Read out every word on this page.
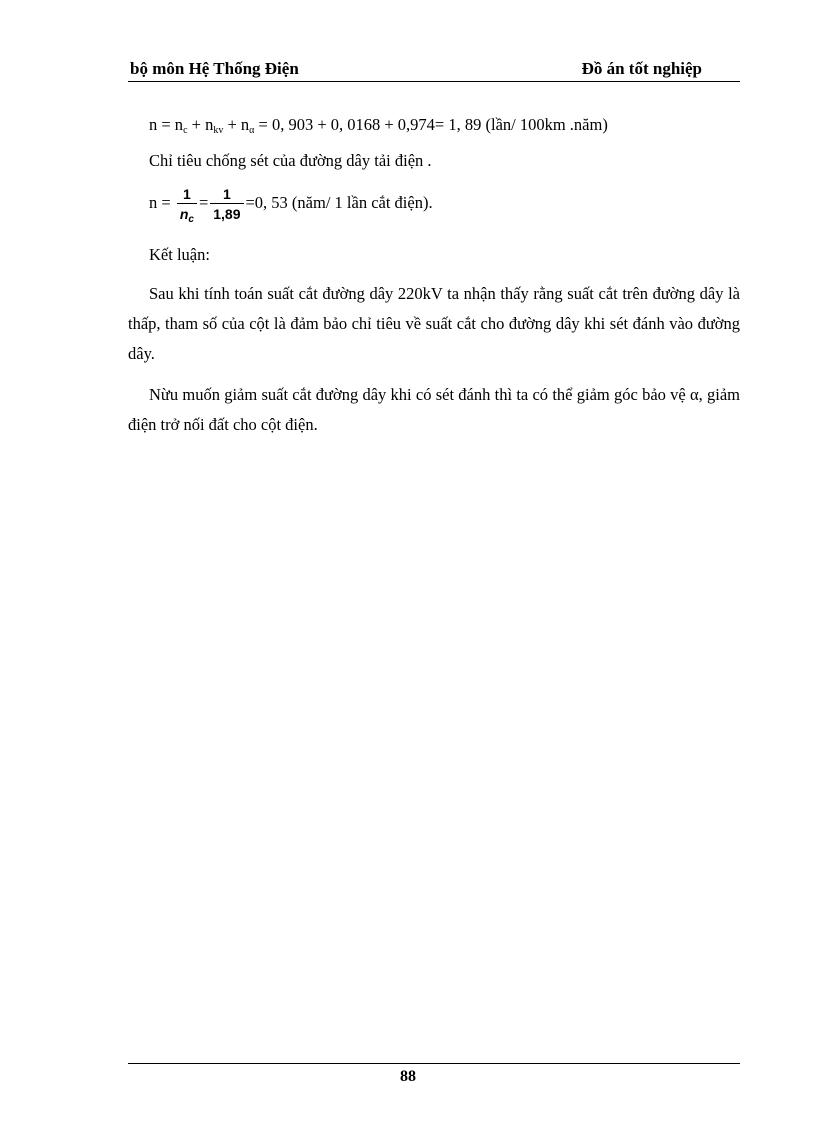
bộ môn Hệ Thống Điện	Đồ án tốt nghiệp
$n = n_c + n_{kv} + n_\alpha = 0$, 903 + 0, 0168 + 0,974= 1, 89 (lần/ 100km .năm)
Chỉ tiêu chống sét của đường dây tải điện .
$n = \frac{1}{n_c} = \frac{1}{1,89} =0$, 53 (năm/ 1 lần cắt điện).
Kết luận:
Sau khi tính toán suất cắt đường dây 220kV ta nhận thấy rằng suất cắt trên đường dây là thấp, tham số của cột là đảm bảo chỉ tiêu về suất cắt cho đường dây khi sét đánh vào đường dây.
Nừu muốn giảm suất cắt đường dây khi có sét đánh thì ta có thể giảm góc bảo vệ α, giảm điện trở nối đất cho cột điện.
88
